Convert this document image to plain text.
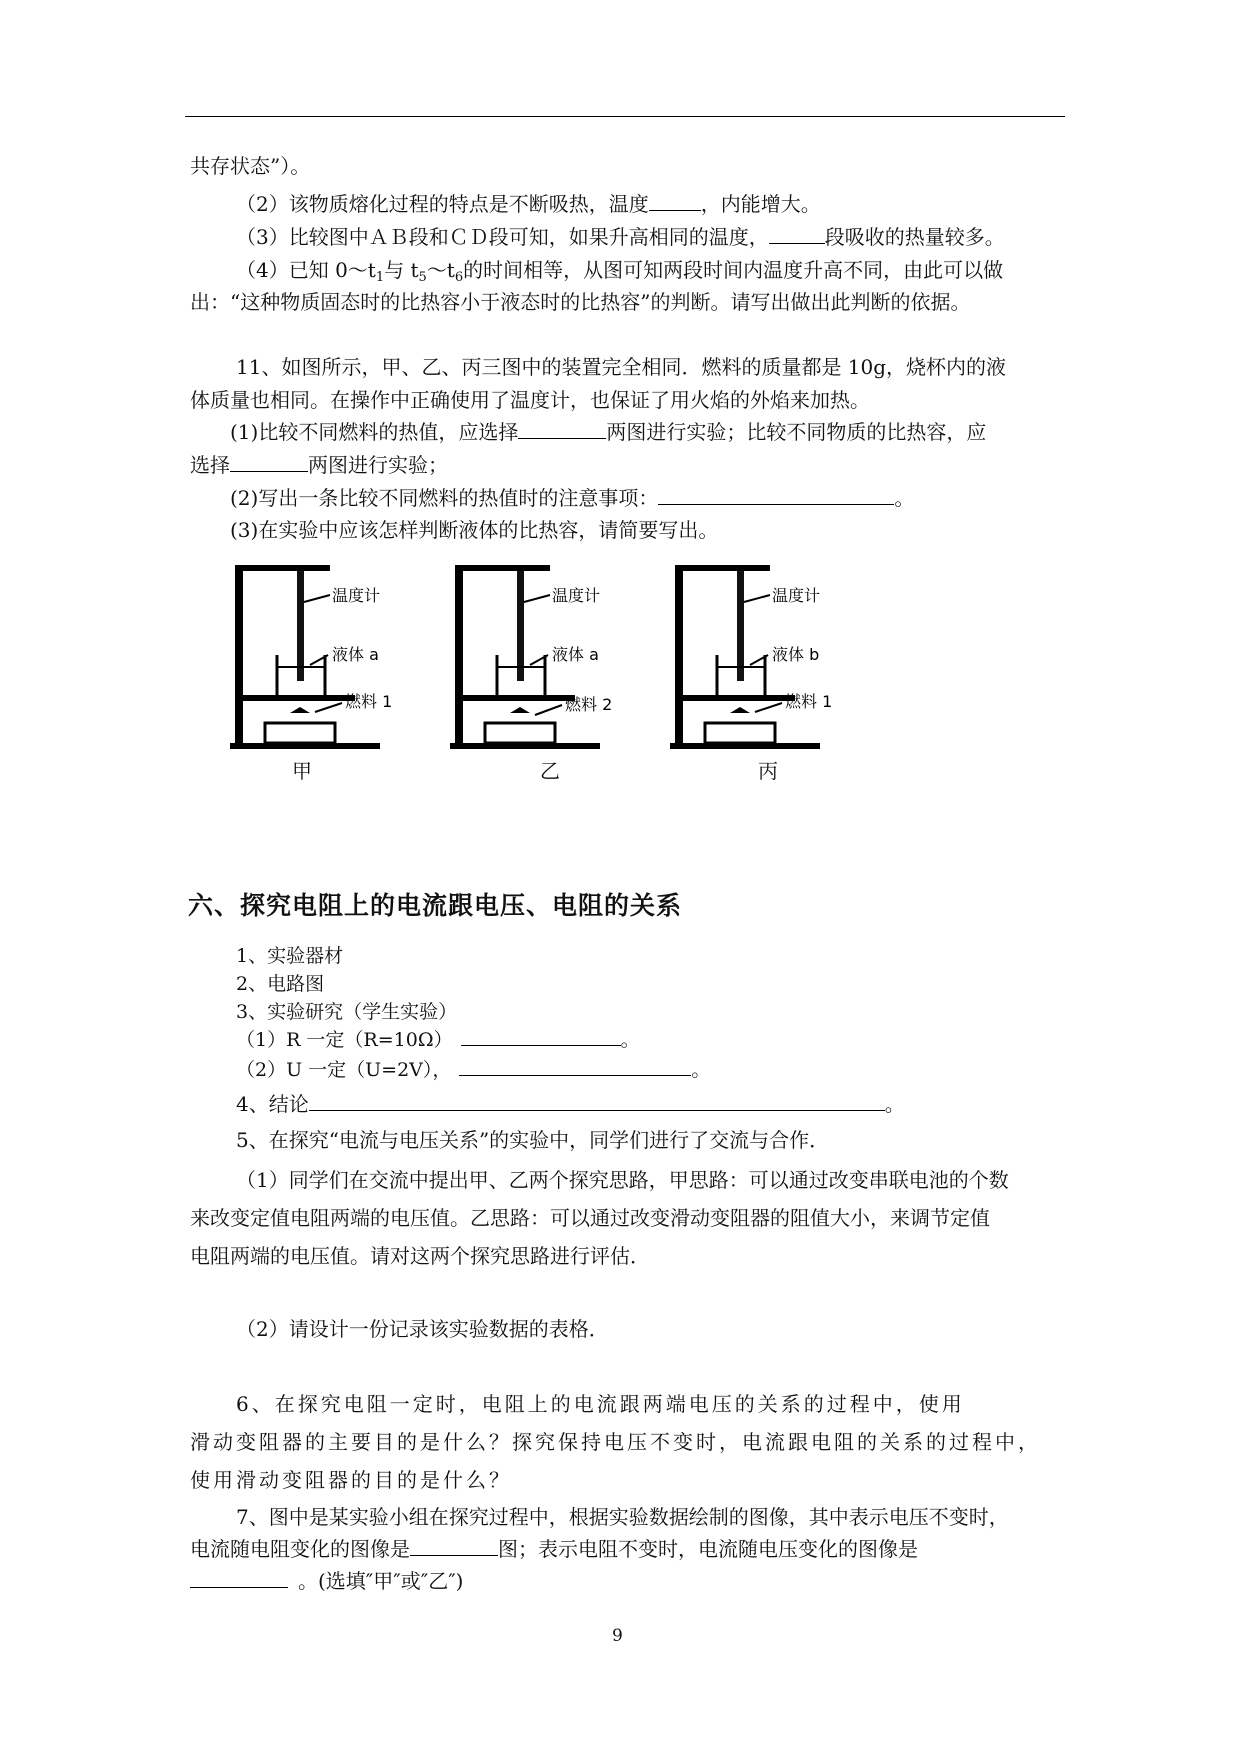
共存状态”）。
（2）该物质熔化过程的特点是不断吸热，温度	，内能增大。
（3）比较图中ＡＢ段和ＣＤ段可知，如果升高相同的温度，	段吸收的热量较多。
（4）已知 $0\sim t_1$与 $t_5\sim t_6$的时间相等，从图可知两段时间内温度升高不同，由此可以做
出：“这种物质固态时的比热容小于液态时的比热容”的判断。请写出做出此判断的依据。
11、如图所示，甲、乙、丙三图中的装置完全相同．燃料的质量都是 10g，烧杯内的液
体质量也相同。在操作中正确使用了温度计，也保证了用火焰的外焰来加热。
(1)比较不同燃料的热值，应选择	两图进行实验；比较不同物质的比热容，应
选择	两图进行实验；
(2)写出一条比较不同燃料的热值时的注意事项：	。
(3)在实验中应该怎样判断液体的比热容，请简要写出。
温度计
液体 a
燃料 1
温度计
液体 a
燃料 2
温度计
液体 b
燃料 1
甲	乙	丙
六、探究电阻上的电流跟电压、电阻的关系
1、实验器材
2、电路图
3、实验研究（学生实验）
（1）R 一定（R=10Ω）	。
（2）U 一定（U=2V），	。
4、结论	。
5、在探究“电流与电压关系”的实验中，同学们进行了交流与合作．
（1）同学们在交流中提出甲、乙两个探究思路，甲思路：可以通过改变串联电池的个数
来改变定值电阻两端的电压值。乙思路：可以通过改变滑动变阻器的阻值大小，来调节定值
电阻两端的电压值。请对这两个探究思路进行评估．
（2）请设计一份记录该实验数据的表格．
6、在探究电阻一定时，电阻上的电流跟两端电压的关系的过程中，使用
滑动变阻器的主要目的是什么？探究保持电压不变时，电流跟电阻的关系的过程中，
使用滑动变阻器的目的是什么？
7、图中是某实验小组在探究过程中，根据实验数据绘制的图像，其中表示电压不变时，
电流随电阻变化的图像是	图；表示电阻不变时，电流随电压变化的图像是
。(选填″甲″或″乙″)
9
